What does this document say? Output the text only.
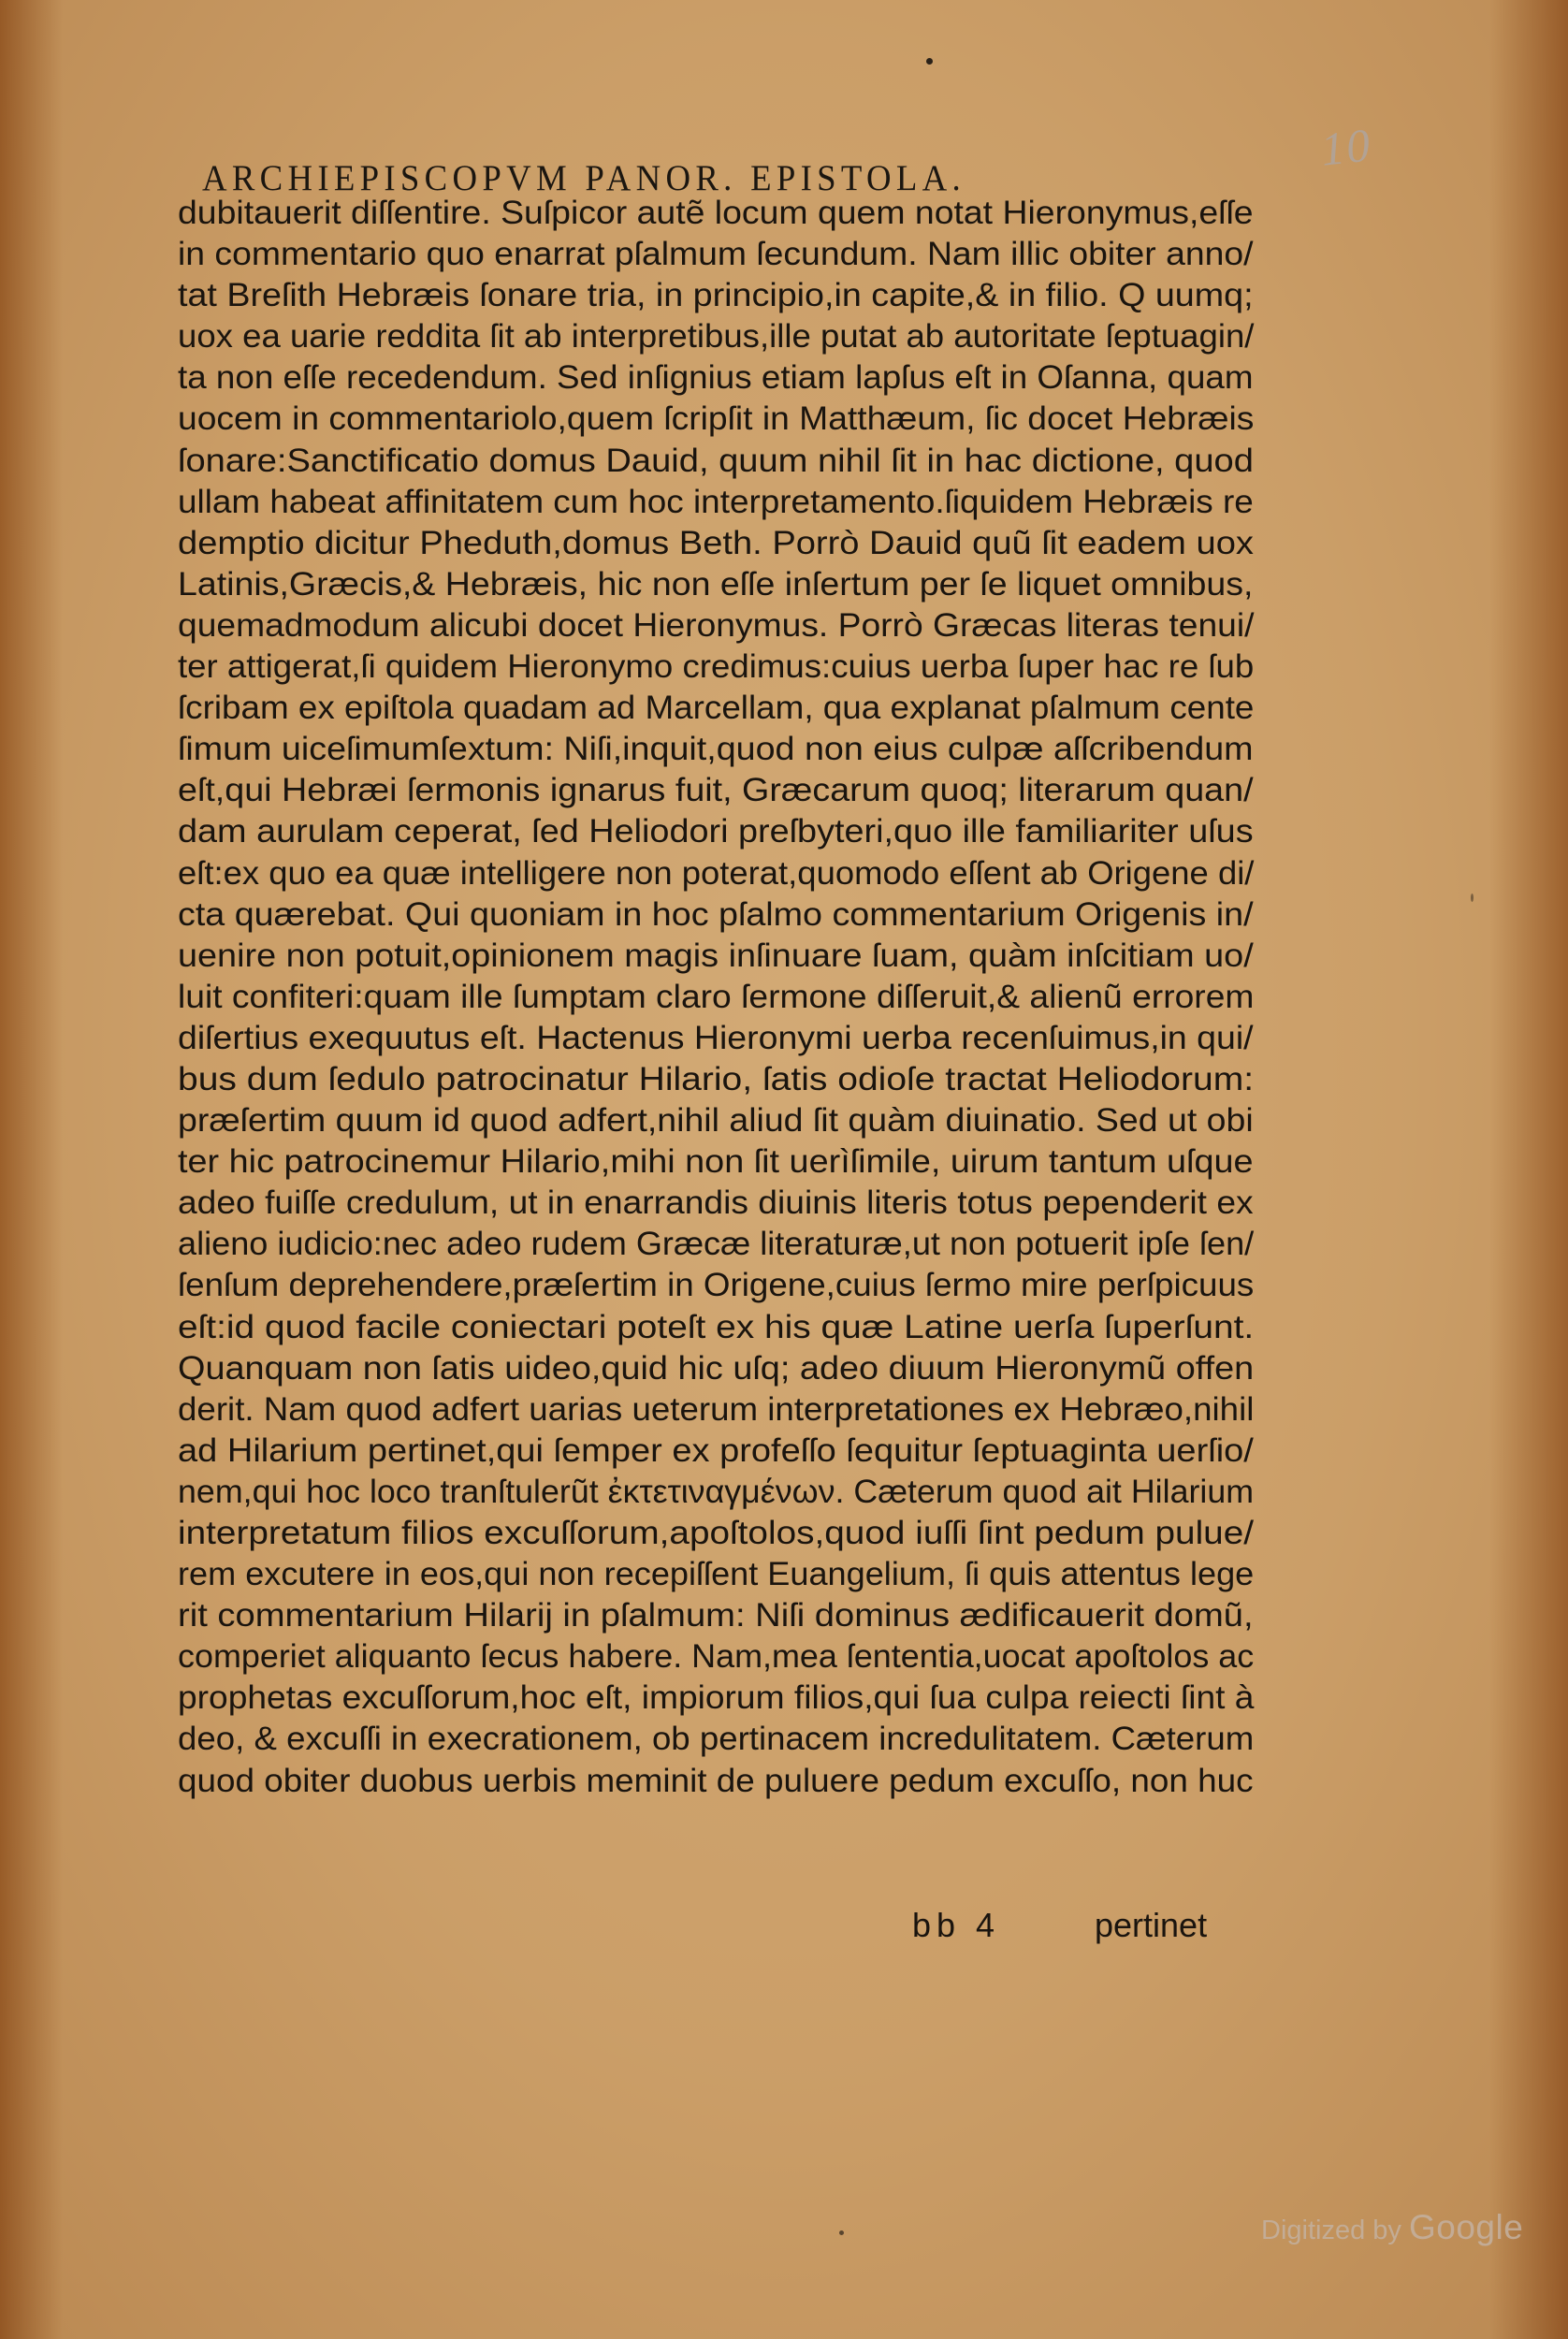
10
ARCHIEPISCOPVM PANOR. EPISTOLA.
dubitauerit diſſentire. Suſpicor autẽ locum quem notat Hieronymus,eſſe
in commentario quo enarrat pſalmum ſecundum. Nam illic obiter anno/
tat Breſith Hebræis ſonare tria, in principio,in capite,& in filio. Q uumq;
uox ea uarie reddita ſit ab interpretibus,ille putat ab autoritate ſeptuagin/
ta non eſſe recedendum. Sed inſignius etiam lapſus eſt in Oſanna, quam
uocem in commentariolo,quem ſcripſit in Matthæum, ſic docet Hebræis
ſonare:Sanctificatio domus Dauid, quum nihil ſit in hac dictione, quod
ullam habeat affinitatem cum hoc interpretamento.ſiquidem Hebræis re
demptio dicitur Pheduth,domus Beth. Porrò Dauid quũ ſit eadem uox
Latinis,Græcis,& Hebræis, hic non eſſe inſertum per ſe liquet omnibus,
quemadmodum alicubi docet Hieronymus. Porrò Græcas literas tenui/
ter attigerat,ſi quidem Hieronymo credimus:cuius uerba ſuper hac re ſub
ſcribam ex epiſtola quadam ad Marcellam, qua explanat pſalmum cente
ſimum uiceſimumſextum: Niſi,inquit,quod non eius culpæ aſſcribendum
eſt,qui Hebræi ſermonis ignarus fuit, Græcarum quoq; literarum quan/
dam aurulam ceperat, ſed Heliodori preſbyteri,quo ille familiariter uſus
eſt:ex quo ea quæ intelligere non poterat,quomodo eſſent ab Origene di/
cta quærebat. Qui quoniam in hoc pſalmo commentarium Origenis in/
uenire non potuit,opinionem magis inſinuare ſuam, quàm inſcitiam uo/
luit confiteri:quam ille ſumptam claro ſermone diſſeruit,& alienũ errorem
diſertius exequutus eſt. Hactenus Hieronymi uerba recenſuimus,in qui/
bus dum ſedulo patrocinatur Hilario, ſatis odioſe tractat Heliodorum:
præſertim quum id quod adfert,nihil aliud ſit quàm diuinatio. Sed ut obi
ter hic patrocinemur Hilario,mihi non ſit uerìſimile, uirum tantum uſque
adeo fuiſſe credulum, ut in enarrandis diuinis literis totus pependerit ex
alieno iudicio:nec adeo rudem Græcæ literaturæ,ut non potuerit ipſe ſen/
ſenſum deprehendere,præſertim in Origene,cuius ſermo mire perſpicuus
eſt:id quod facile coniectari poteſt ex his quæ Latine uerſa ſuperſunt.
Quanquam non ſatis uideo,quid hic uſq; adeo diuum Hieronymũ offen
derit. Nam quod adfert uarias ueterum interpretationes ex Hebræo,nihil
ad Hilarium pertinet,qui ſemper ex profeſſo ſequitur ſeptuaginta uerſio/
nem,qui hoc loco tranſtulerũt ἐκτετιναγμένων. Cæterum quod ait Hilarium
interpretatum filios excuſſorum,apoſtolos,quod iuſſi ſint pedum pulue/
rem excutere in eos,qui non recepiſſent Euangelium, ſi quis attentus lege
rit commentarium Hilarij in pſalmum: Niſi dominus ædificauerit domũ,
comperiet aliquanto ſecus habere. Nam,mea ſententia,uocat apoſtolos ac
prophetas excuſſorum,hoc eſt, impiorum filios,qui ſua culpa reiecti ſint à
deo, & excuſſi in execrationem, ob pertinacem incredulitatem. Cæterum
quod obiter duobus uerbis meminit de puluere pedum excuſſo, non huc
bb 4	pertinet
Digitized by Google
